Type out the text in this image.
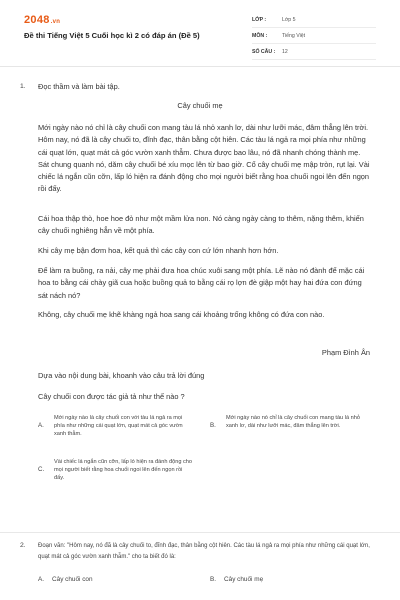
2048.vn
Đề thi Tiếng Việt 5 Cuối học kì 2 có đáp án (Đề 5)
LỚP :	Lớp 5
MÔN :	Tiếng Việt
SỐ CÂU : 12
1. Đọc thầm và làm bài tập.
Cây chuối mẹ

Mới ngày nào nó chỉ là cây chuối con mang tàu lá nhỏ xanh lơ, dài như lưỡi mác, đâm thẳng lên trời. Hôm nay, nó đã là cây chuối to, đĩnh đạc, thân bằng cột hiên. Các tàu lá ngả ra mọi phía như những cái quạt lớn, quạt mát cả góc vườn xanh thẫm. Chưa được bao lâu, nó đã nhanh chóng thành mẹ. Sát chung quanh nó, dăm cây chuối bé xíu mọc lên từ bao giờ. Cổ cây chuối mẹ mập tròn, rụt lại. Vài chiếc lá ngắn cũn cỡn, lấp ló hiện ra đánh động cho mọi người biết rằng hoa chuối ngoi lên đến ngọn rồi đấy.

Cái hoa thập thò, hoe hoe đỏ như một mầm lửa non. Nó càng ngày càng to thêm, nặng thêm, khiến cây chuối nghiêng hẳn về một phía.

Khi cây mẹ bận đơm hoa, kết quả thì các cây con cứ lớn nhanh hơn hớn.

Để làm ra buồng, ra nải, cây mẹ phải đưa hoa chúc xuôi sang một phía. Lẽ nào nó đành để mặc cái hoa to bằng cái chày giã cua hoặc buồng quả to bằng cái rọ lợn đè giập một hay hai đứa con đứng sát nách nó?

Không, cây chuối mẹ khẽ khàng ngả hoa sang cái khoảng trống không có đứa con nào.

Phạm Đình Ân
Dựa vào nội dung bài, khoanh vào câu trả lời đúng
Cây chuối con được tác giả tả như thế nào ?
A.
Mới ngày nào là cây chuối con với tàu lá ngả ra mọi phía như những cái quạt lớn, quạt mát cả góc vườn xanh thẫm.
B.
Mới ngày nào nó chỉ là cây chuối con mang tàu lá nhỏ xanh lơ, dài như lưỡi mác, đâm thẳng lên trời.
C.
Vài chiếc lá ngắn cũn cỡn, lấp ló hiện ra đánh động cho mọi người biết rằng hoa chuối ngoi lên đến ngọn rồi đấy.
2. Đoạn văn: "Hôm nay, nó đã là cây chuối to, đĩnh đạc, thân bằng cột hiên. Các tàu lá ngả ra mọi phía như những cái quạt lớn, quạt mát cả góc vườn xanh thẫm." cho ta biết đó là:

A. Cây chuối con	B. Cây chuối mẹ
